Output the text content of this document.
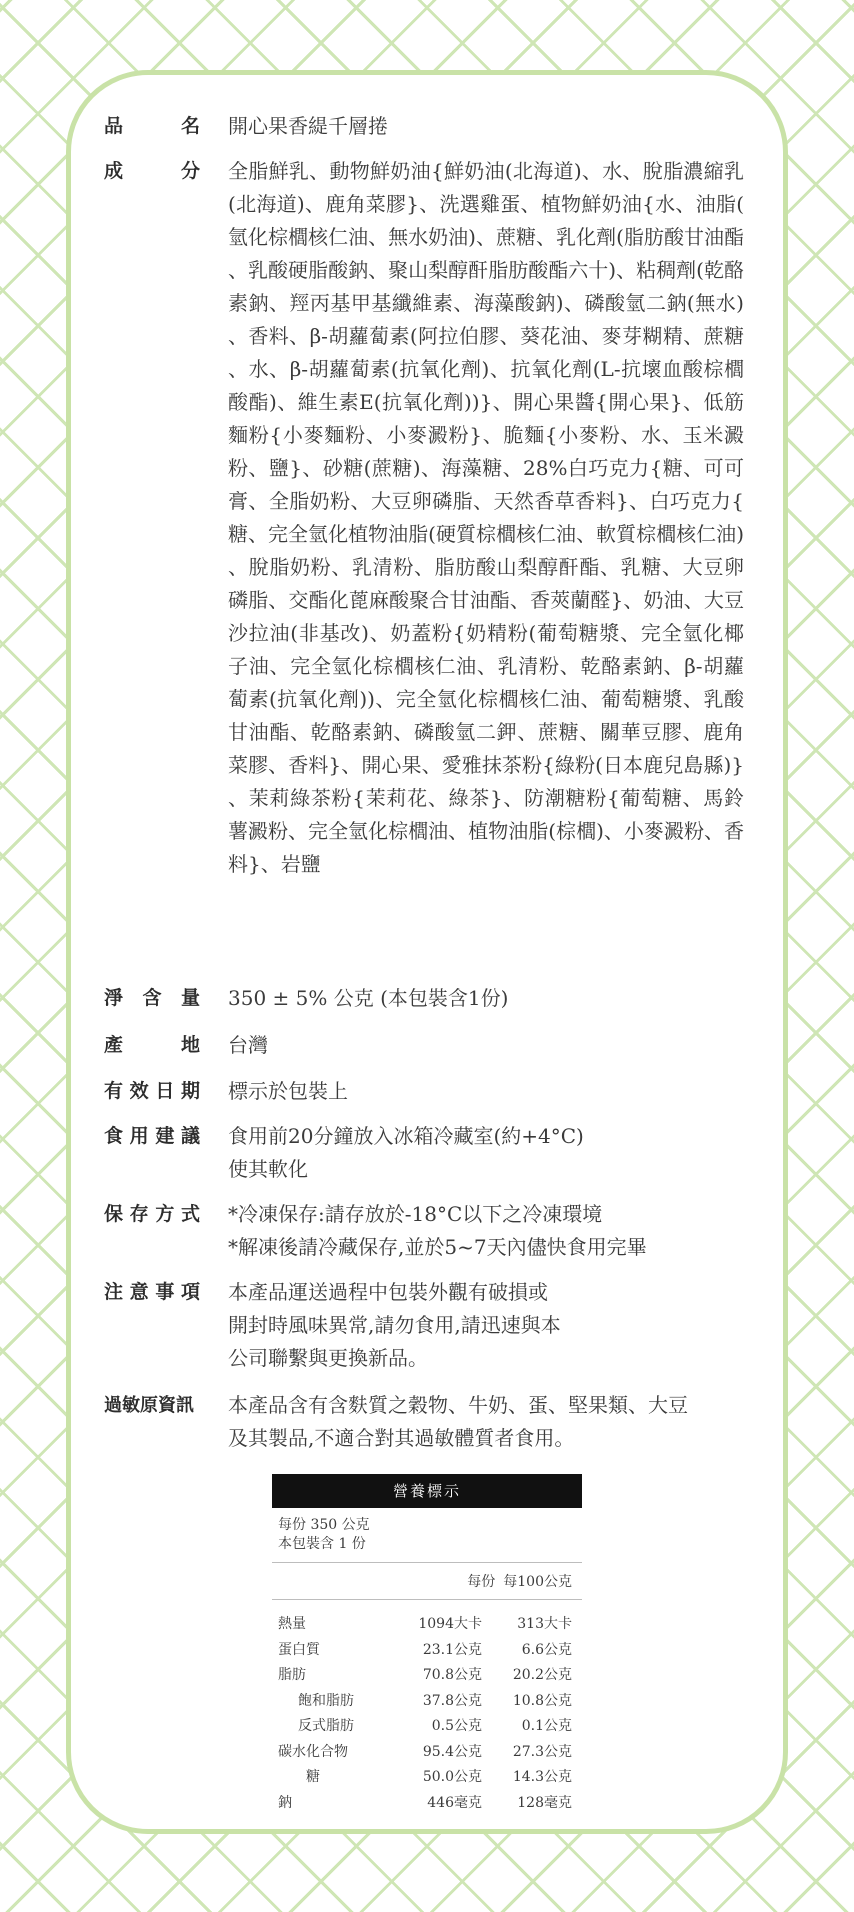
品　名 開心果香緹千層捲

成　分 全脂鮮乳、動物鮮奶油{鮮奶油(北海道)、水、脫脂濃縮乳(北海道)、鹿角菜膠}、洗選雞蛋、植物鮮奶油{水、油脂(氫化棕櫚核仁油、無水奶油)、蔗糖、乳化劑(脂肪酸甘油酯、乳酸硬脂酸鈉、聚山梨醇酐脂肪酸酯六十)、粘稠劑(乾酪素鈉、羥丙基甲基纖維素、海藻酸鈉)、磷酸氫二鈉(無水)、香料、β-胡蘿蔔素(阿拉伯膠、葵花油、麥芽糊精、蔗糖、水、β-胡蘿蔔素(抗氧化劑)、抗氧化劑(L-抗壞血酸棕櫚酸酯)、維生素E(抗氧化劑))}、開心果醬{開心果}、低筋麵粉{小麥麵粉、小麥澱粉}、脆麵{小麥粉、水、玉米澱粉、鹽}、砂糖(蔗糖)、海藻糖、28%白巧克力{糖、可可膏、全脂奶粉、大豆卵磷脂、天然香草香料}、白巧克力{糖、完全氫化植物油脂(硬質棕櫚核仁油、軟質棕櫚核仁油)、脫脂奶粉、乳清粉、脂肪酸山梨醇酐酯、乳糖、大豆卵磷脂、交酯化蓖麻酸聚合甘油酯、香莢蘭醛}、奶油、大豆沙拉油(非基改)、奶蓋粉{奶精粉(葡萄糖漿、完全氫化椰子油、完全氫化棕櫚核仁油、乳清粉、乾酪素鈉、β-胡蘿蔔素(抗氧化劑))、完全氫化棕櫚核仁油、葡萄糖漿、乳酸甘油酯、乾酪素鈉、磷酸氫二鉀、蔗糖、關華豆膠、鹿角菜膠、香料}、開心果、愛雅抹茶粉{綠粉(日本鹿兒島縣)}、茉莉綠茶粉{茉莉花、綠茶}、防潮糖粉{葡萄糖、馬鈴薯澱粉、完全氫化棕櫚油、植物油脂(棕櫚)、小麥澱粉、香料}、岩鹽
淨含量 350 ± 5% 公克 (本包裝含1份)

產　地 台灣

有效日期 標示於包裝上

食用建議 食用前20分鐘放入冰箱冷藏室(約+4°C)

使其軟化

保存方式 *冷凍保存:請存放於-18°C以下之冷凍環境

*解凍後請冷藏保存,並於5~7天內儘快食用完畢

注意事項 本產品運送過程中包裝外觀有破損或

開封時風味異常,請勿食用,請迅速與本

公司聯繫與更換新品。

過敏原資訊	本產品含有含麩質之穀物、牛奶、蛋、堅果類、大豆

及其製品,不適合對其過敏體質者食用。

營養標示

每份 350 公克

本包裝含 1 份

每份 每100公克
熱量	1094大卡	313大卡
蛋白質	23.1公克	6.6公克
脂肪	70.8公克	20.2公克
飽和脂肪	37.8公克	10.8公克
反式脂肪	0.5公克	0.1公克
碳水化合物	95.4公克	27.3公克
糖	50.0公克	14.3公克
鈉	446毫克	128毫克
